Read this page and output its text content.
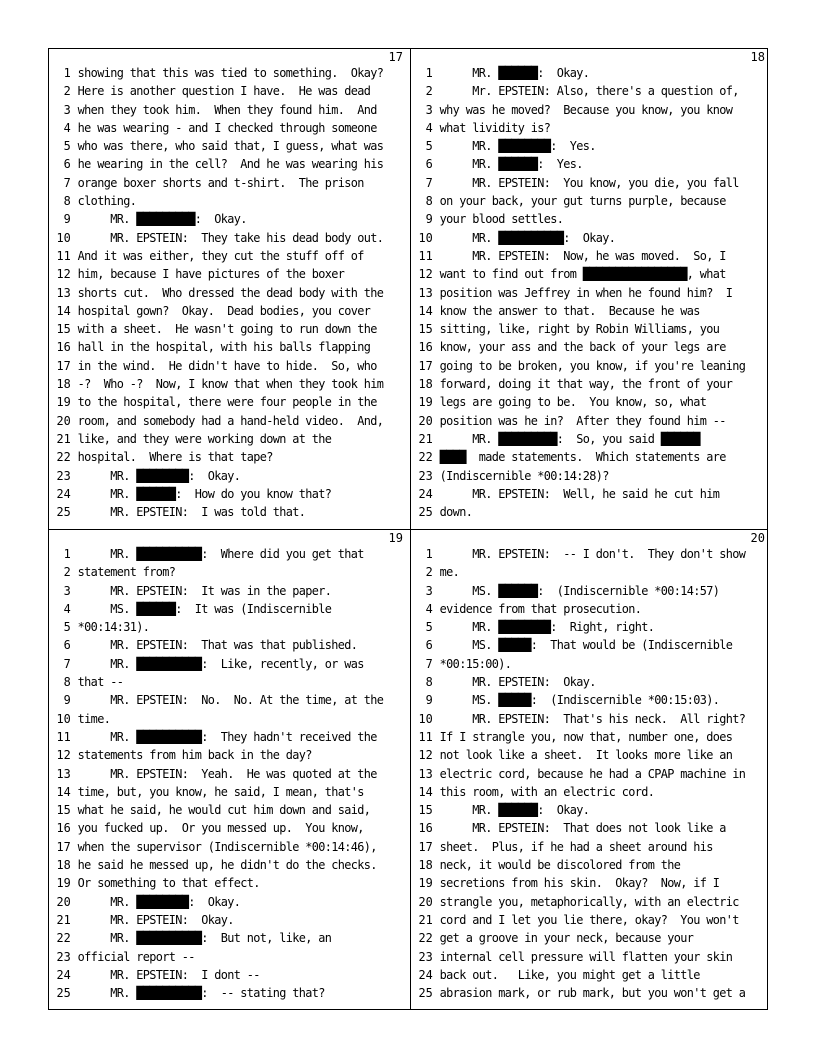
17
1 showing that this was tied to something.  Okay?
2 Here is another question I have.  He was dead
3 when they took him.  When they found him.  And
4 he was wearing - and I checked through someone
5 who was there, who said that, I guess, what was
6 he wearing in the cell?  And he was wearing his
7 orange boxer shorts and t-shirt.  The prison
8 clothing.
9     MR. █████████:  Okay.
10     MR. EPSTEIN:  They take his dead body out.
11 And it was either, they cut the stuff off of
12 him, because I have pictures of the boxer
13 shorts cut.  Who dressed the dead body with the
14 hospital gown?  Okay.  Dead bodies, you cover
15 with a sheet.  He wasn't going to run down the
16 hall in the hospital, with his balls flapping
17 in the wind.  He didn't have to hide.  So, who
18 -?  Who -?  Now, I know that when they took him
19 to the hospital, there were four people in the
20 room, and somebody had a hand-held video.  And,
21 like, and they were working down at the
22 hospital.  Where is that tape?
23     MR. ████████:  Okay.
24     MR. ██████:  How do you know that?
25     MR. EPSTEIN:  I was told that.
18
1     MR. ██████:  Okay.
2     Mr. EPSTEIN: Also, there's a question of,
3 why was he moved?  Because you know, you know
4 what lividity is?
5     MR. ████████:  Yes.
6     MR. ██████:  Yes.
7     MR. EPSTEIN:  You know, you die, you fall
8 on your back, your gut turns purple, because
9 your blood settles.
10     MR. ██████████:  Okay.
11     MR. EPSTEIN:  Now, he was moved.  So, I
12 want to find out from ████████████████, what
13 position was Jeffrey in when he found him?  I
14 know the answer to that.  Because he was
15 sitting, like, right by Robin Williams, you
16 know, your ass and the back of your legs are
17 going to be broken, you know, if you're leaning
18 forward, doing it that way, the front of your
19 legs are going to be.  You know, so, what
20 position was he in?  After they found him --
21     MR. █████████:  So, you said ██████
22 ████  made statements.  Which statements are
23 (Indiscernible *00:14:28)?
24     MR. EPSTEIN:  Well, he said he cut him
25 down.
19
1     MR. ██████████:  Where did you get that
2 statement from?
3     MR. EPSTEIN:  It was in the paper.
4     MS. ██████:  It was (Indiscernible
5 *00:14:31).
6     MR. EPSTEIN:  That was that published.
7     MR. ██████████:  Like, recently, or was
8 that --
9     MR. EPSTEIN:  No.  No. At the time, at the
10 time.
11     MR. ██████████:  They hadn't received the
12 statements from him back in the day?
13     MR. EPSTEIN:  Yeah.  He was quoted at the
14 time, but, you know, he said, I mean, that's
15 what he said, he would cut him down and said,
16 you fucked up.  Or you messed up.  You know,
17 when the supervisor (Indiscernible *00:14:46),
18 he said he messed up, he didn't do the checks.
19 Or something to that effect.
20     MR. ████████:  Okay.
21     MR. EPSTEIN:  Okay.
22     MR. ██████████:  But not, like, an
23 official report --
24     MR. EPSTEIN:  I dont --
25     MR. ██████████:  -- stating that?
20
1     MR. EPSTEIN:  -- I don't.  They don't show
2 me.
3     MS. ██████:  (Indiscernible *00:14:57)
4 evidence from that prosecution.
5     MR. ████████:  Right, right.
6     MS. █████:  That would be (Indiscernible
7 *00:15:00).
8     MR. EPSTEIN:  Okay.
9     MS. █████:  (Indiscernible *00:15:03).
10     MR. EPSTEIN:  That's his neck.  All right?
11 If I strangle you, now that, number one, does
12 not look like a sheet.  It looks more like an
13 electric cord, because he had a CPAP machine in
14 this room, with an electric cord.
15     MR. ██████:  Okay.
16     MR. EPSTEIN:  That does not look like a
17 sheet.  Plus, if he had a sheet around his
18 neck, it would be discolored from the
19 secretions from his skin.  Okay?  Now, if I
20 strangle you, metaphorically, with an electric
21 cord and I let you lie there, okay?  You won't
22 get a groove in your neck, because your
23 internal cell pressure will flatten your skin
24 back out.   Like, you might get a little
25 abrasion mark, or rub mark, but you won't get a
